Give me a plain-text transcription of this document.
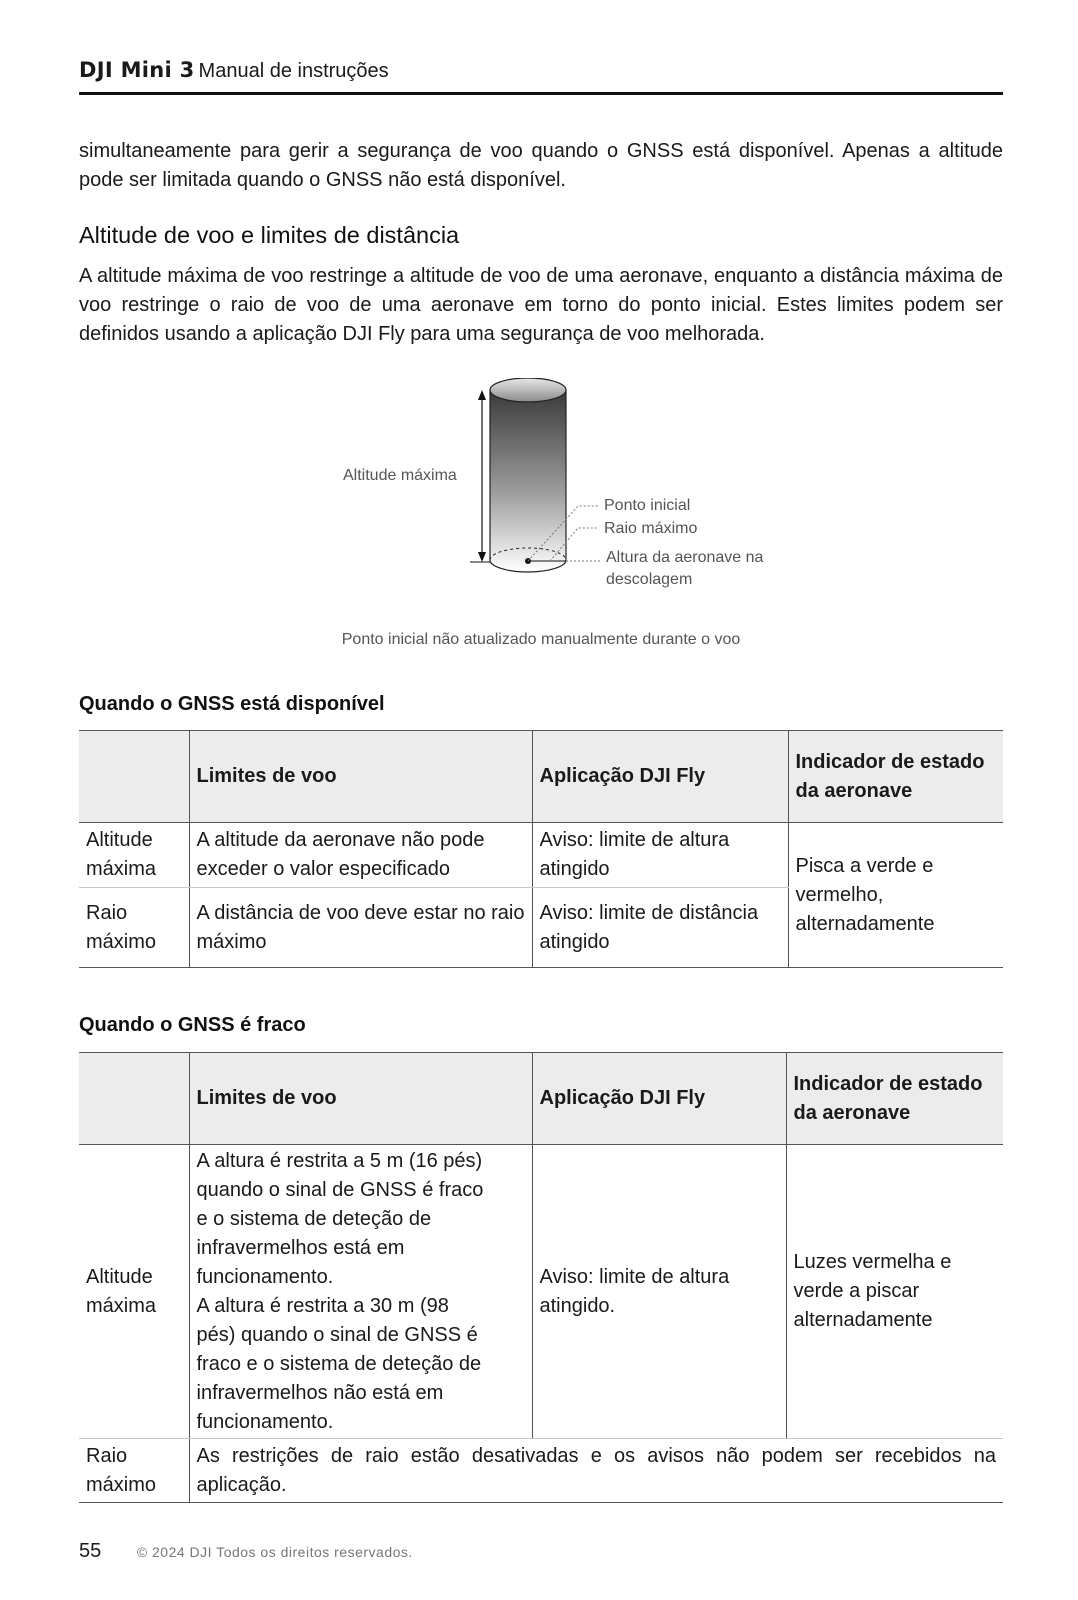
DJI Mini 3 Manual de instruções

simultaneamente para gerir a segurança de voo quando o GNSS está disponível. Apenas a altitude pode ser limitada quando o GNSS não está disponível.

Altitude de voo e limites de distância

A altitude máxima de voo restringe a altitude de voo de uma aeronave, enquanto a distância máxima de voo restringe o raio de voo de uma aeronave em torno do ponto inicial. Estes limites podem ser definidos usando a aplicação DJI Fly para uma segurança de voo melhorada.

Altitude máxima
Ponto inicial
Raio máximo
Altura da aeronave na
descolagem
Ponto inicial não atualizado manualmente durante o voo
Quando o GNSS está disponível
	Limites de voo	Aplicação DJI Fly	Indicador de estado da aeronave
Altitude máxima	A altitude da aeronave não pode exceder o valor especificado	Aviso: limite de altura atingido	Pisca a verde e vermelho, alternadamente
Raio máximo	A distância de voo deve estar no raio máximo	Aviso: limite de distância atingido	
Quando o GNSS é fraco
	Limites de voo	Aplicação DJI Fly	Indicador de estado da aeronave
Altitude máxima	A altura é restrita a 5 m (16 pés) quando o sinal de GNSS é fraco e o sistema de deteção de infravermelhos está em funcionamento.
A altura é restrita a 30 m (98 pés) quando o sinal de GNSS é fraco e o sistema de deteção de infravermelhos não está em funcionamento.	Aviso: limite de altura atingido.	Luzes vermelha e verde a piscar alternadamente
Raio máximo	As restrições de raio estão desativadas e os avisos não podem ser recebidos na aplicação.		
55	© 2024 DJI Todos os direitos reservados.
